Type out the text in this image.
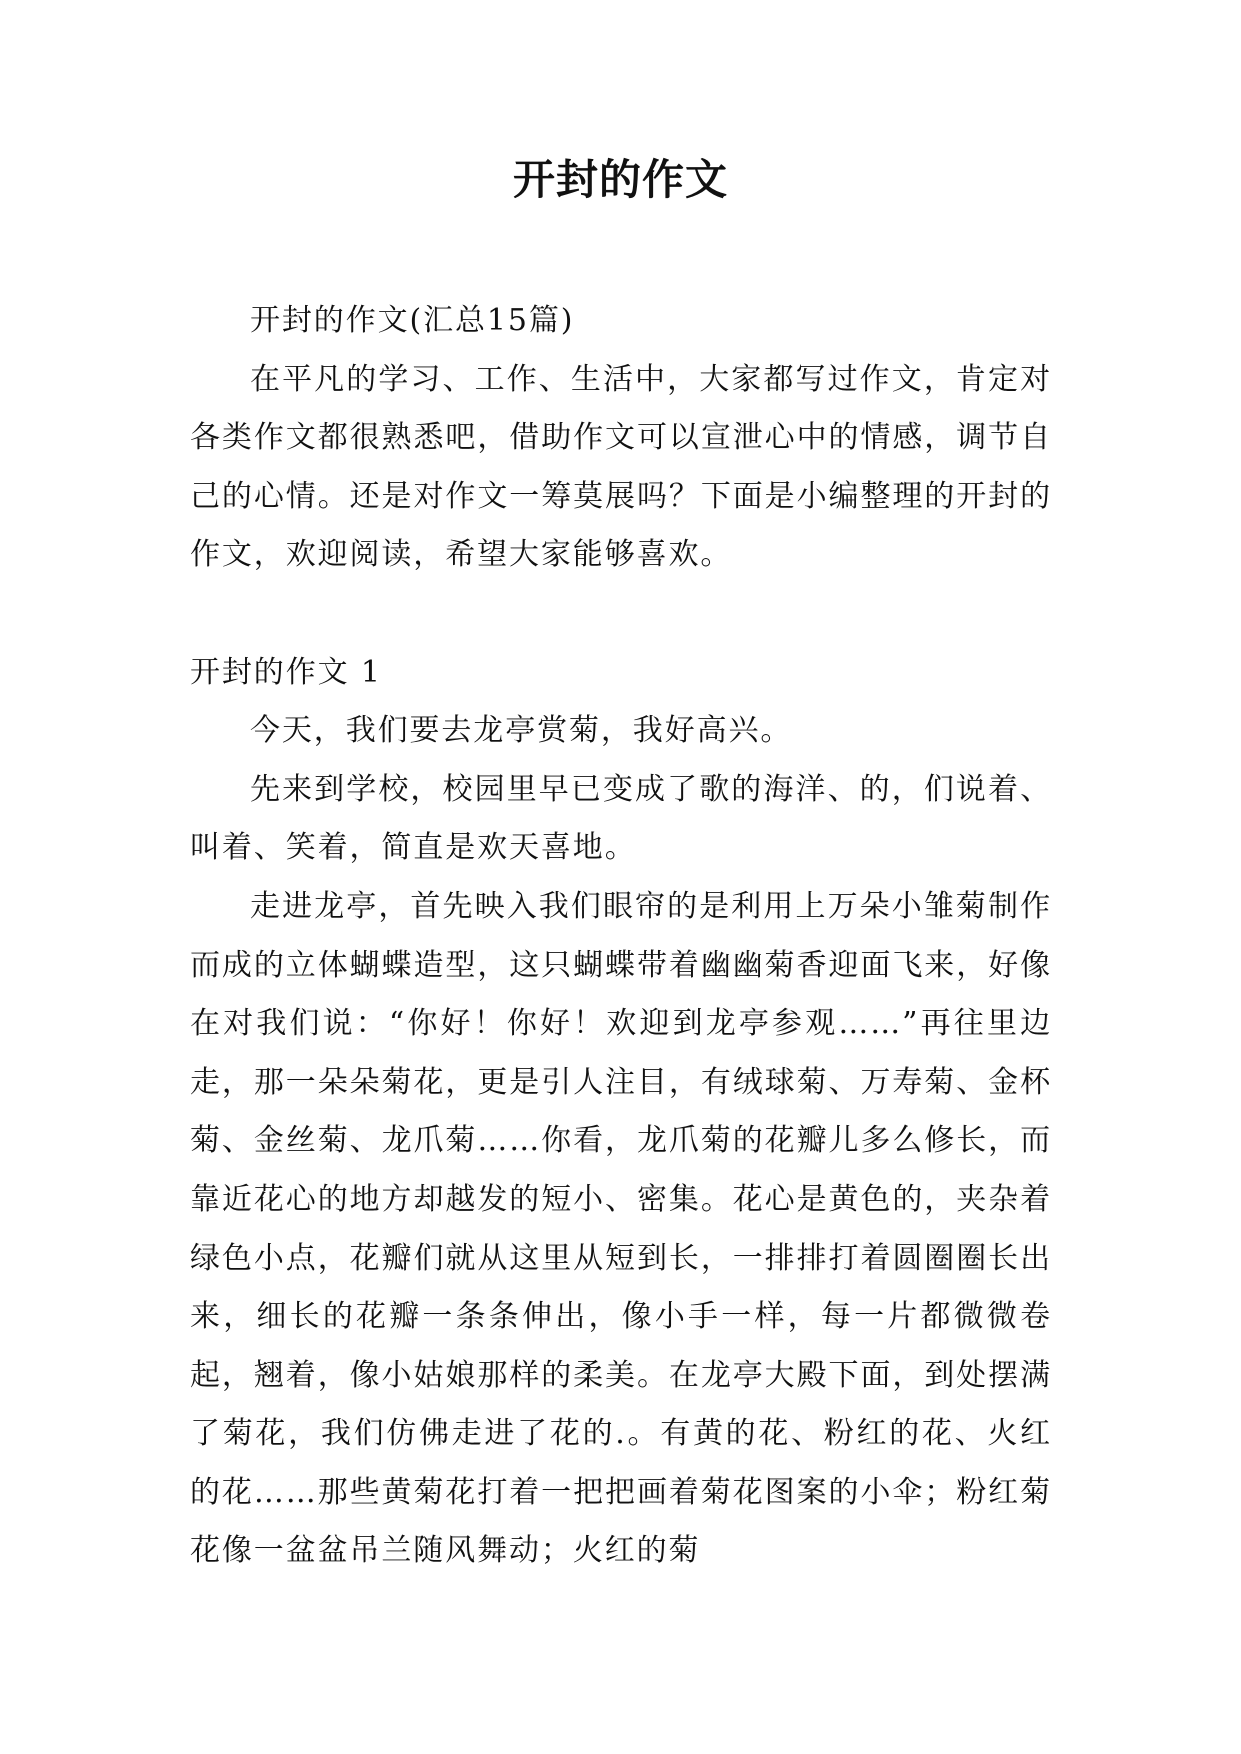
开封的作文

开封的作文(汇总15篇)

在平凡的学习、工作、生活中，大家都写过作文，肯定对各类作文都很熟悉吧，借助作文可以宣泄心中的情感，调节自己的心情。还是对作文一筹莫展吗？下面是小编整理的开封的作文，欢迎阅读，希望大家能够喜欢。

开封的作文 1

今天，我们要去龙亭赏菊，我好高兴。

先来到学校，校园里早已变成了歌的海洋、的，们说着、叫着、笑着，简直是欢天喜地。

走进龙亭，首先映入我们眼帘的是利用上万朵小雏菊制作而成的立体蝴蝶造型，这只蝴蝶带着幽幽菊香迎面飞来，好像在对我们说：“你好！你好！欢迎到龙亭参观……”再往里边走，那一朵朵菊花，更是引人注目，有绒球菊、万寿菊、金杯菊、金丝菊、龙爪菊……你看，龙爪菊的花瓣儿多么修长，而靠近花心的地方却越发的短小、密集。花心是黄色的，夹杂着绿色小点，花瓣们就从这里从短到长，一排排打着圆圈圈长出来，细长的花瓣一条条伸出，像小手一样，每一片都微微卷起，翘着，像小姑娘那样的柔美。在龙亭大殿下面，到处摆满了菊花，我们仿佛走进了花的.。有黄的花、粉红的花、火红的花……那些黄菊花打着一把把画着菊花图案的小伞；粉红菊花像一盆盆吊兰随风舞动；火红的菊
